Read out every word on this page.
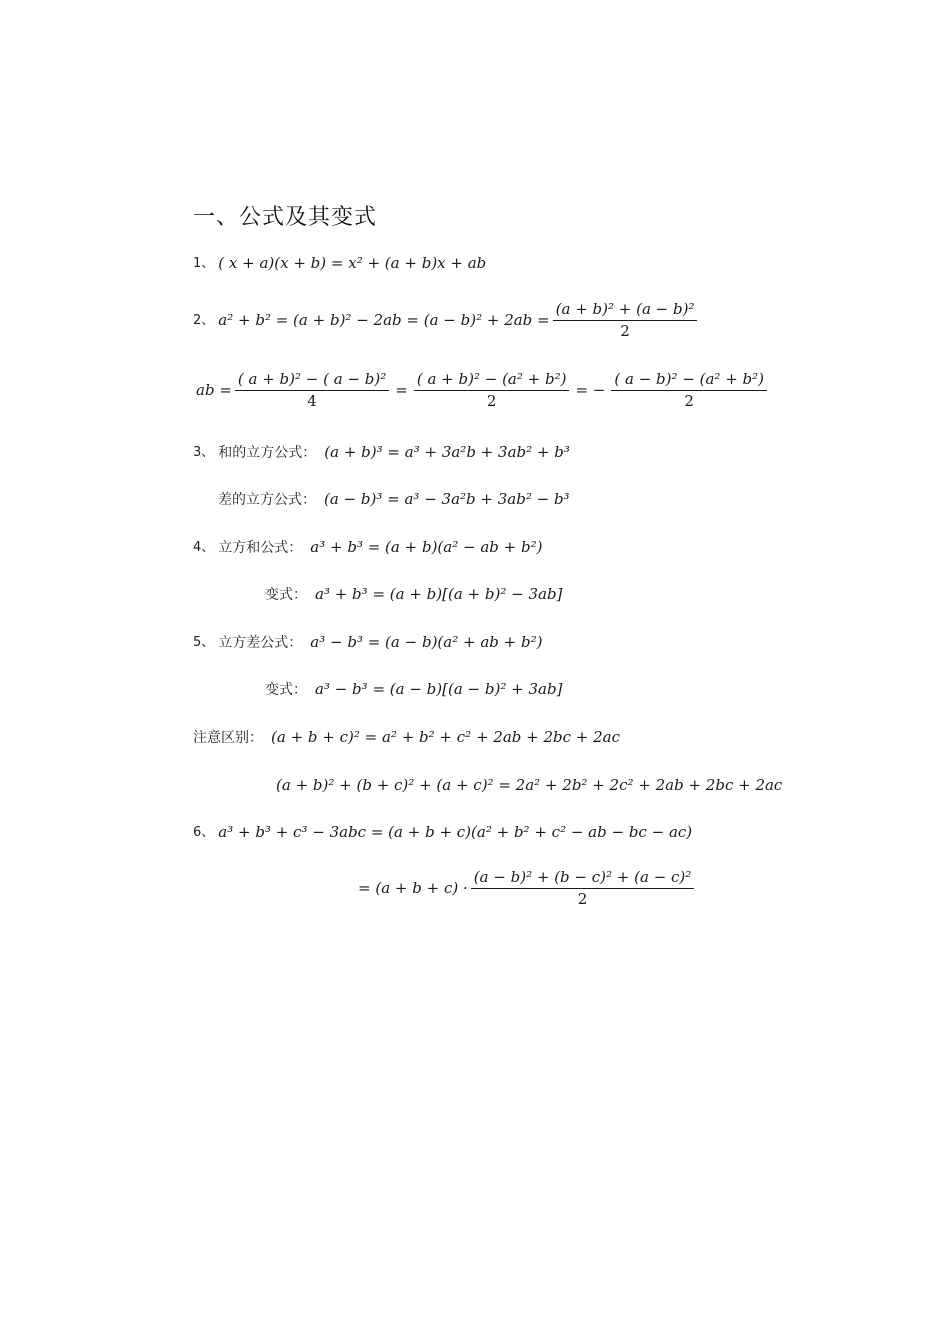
一、公式及其变式
1、 ( x + a)(x + b) = x² + (a + b)x + ab
2、 $a^2 + b^2 = (a + b)^2 - 2ab = (a - b)^2 + 2ab = \frac{\text{(a + b)² + (a − b)²}}{2}$
ab = $\frac{\text{( a + b)² − ( a − b)²}}{4} = \frac{\text{( a + b)² − (a² + b²)}}{2}$ = − $\frac{\text{( a − b)² − (a² + b²)}}{2}$
3、 和的立方公式： (a + b)³ = a³ + 3a²b + 3ab² + b³
差的立方公式： (a − b)³ = a³ − 3a²b + 3ab² − b³
4、 立方和公式： a³ + b³ = (a + b)(a² − ab + b²)
变式： a³ + b³ = (a + b)[(a + b)² − 3ab]
5、 立方差公式： a³ − b³ = (a − b)(a² + ab + b²)
变式： a³ − b³ = (a − b)[(a − b)² + 3ab]
注意区别： (a + b + c)² = a² + b² + c² + 2ab + 2bc + 2ac
(a + b)² + (b + c)² + (a + c)² = 2a² + 2b² + 2c² + 2ab + 2bc + 2ac
6、 a³ + b³ + c³ − 3abc = (a + b + c)(a² + b² + c² − ab − bc − ac)
= $(a + b + c) \cdot \frac{\text{(a − b)² + (b − c)² + (a − c)²}}{2}$
